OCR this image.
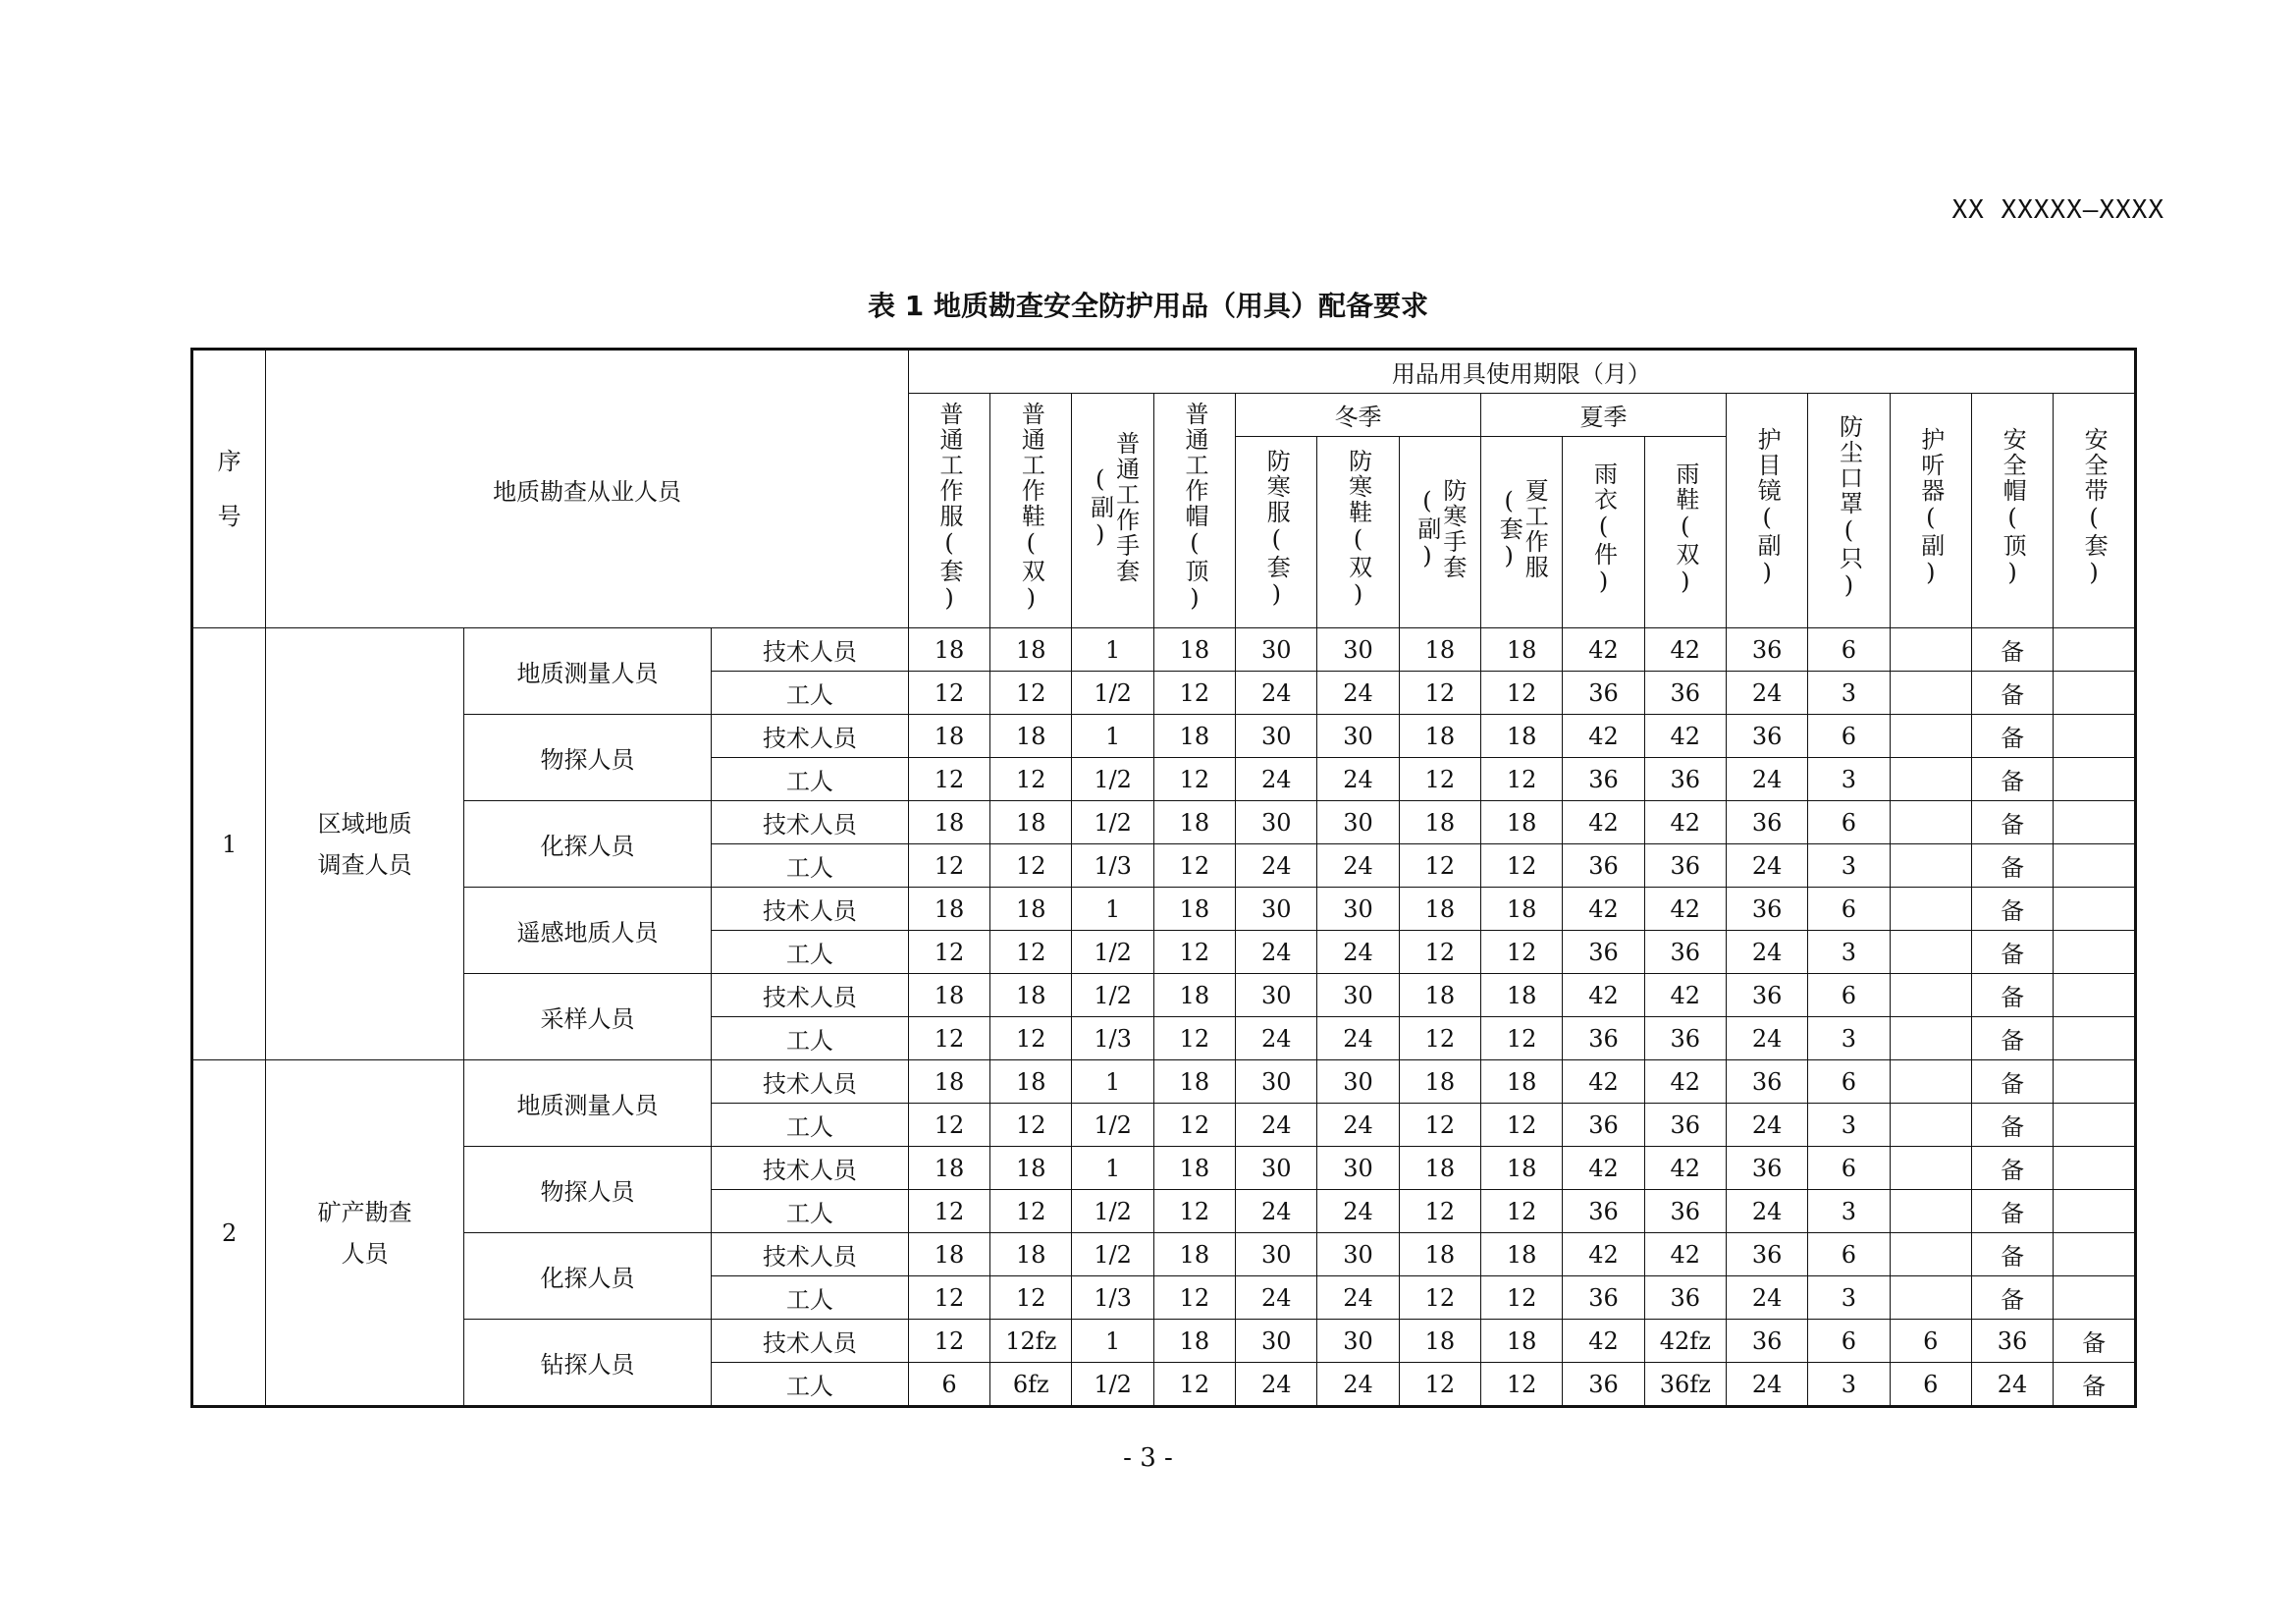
XX XXXXX—XXXX
表 1 地质勘查安全防护用品（用具）配备要求
序
号	地质勘查从业人员			用品用具使用期限（月）														
				普通工作服(套)	普通工作鞋(双)	普通工作手套(副)	普通工作帽(顶)	冬季			夏季			护目镜(副)	防尘口罩(只)	护听器(副)	安全帽(顶)	安全带(套)
								防寒服(套)	防寒鞋(双)	防寒手套(副)	夏工作服(套)	雨衣(件)	雨鞋(双)					
1	区域地质
调查人员	地质测量人员	技术人员	18	18	1	18	30	30	18	18	42	42	36	6		备	
			工人	12	12	1/2	12	24	24	12	12	36	36	24	3		备	
		物探人员	技术人员	18	18	1	18	30	30	18	18	42	42	36	6		备	
			工人	12	12	1/2	12	24	24	12	12	36	36	24	3		备	
		化探人员	技术人员	18	18	1/2	18	30	30	18	18	42	42	36	6		备	
			工人	12	12	1/3	12	24	24	12	12	36	36	24	3		备	
		遥感地质人员	技术人员	18	18	1	18	30	30	18	18	42	42	36	6		备	
			工人	12	12	1/2	12	24	24	12	12	36	36	24	3		备	
		采样人员	技术人员	18	18	1/2	18	30	30	18	18	42	42	36	6		备	
			工人	12	12	1/3	12	24	24	12	12	36	36	24	3		备	
2	矿产勘查
人员	地质测量人员	技术人员	18	18	1	18	30	30	18	18	42	42	36	6		备	
			工人	12	12	1/2	12	24	24	12	12	36	36	24	3		备	
		物探人员	技术人员	18	18	1	18	30	30	18	18	42	42	36	6		备	
			工人	12	12	1/2	12	24	24	12	12	36	36	24	3		备	
		化探人员	技术人员	18	18	1/2	18	30	30	18	18	42	42	36	6		备	
			工人	12	12	1/3	12	24	24	12	12	36	36	24	3		备	
		钻探人员	技术人员	12	12fz	1	18	30	30	18	18	42	42fz	36	6	6	36	备
			工人	6	6fz	1/2	12	24	24	12	12	36	36fz	24	3	6	24	备
- 3 -
